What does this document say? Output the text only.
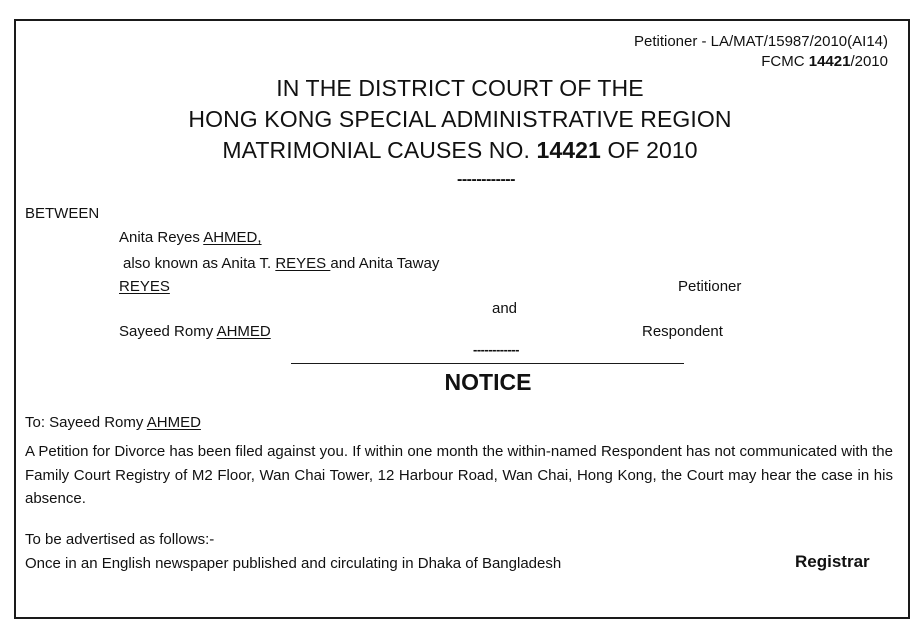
Petitioner - LA/MAT/15987/2010(AI14)
FCMC 14421/2010
IN THE DISTRICT COURT OF THE
HONG KONG SPECIAL ADMINISTRATIVE REGION
MATRIMONIAL CAUSES NO. 14421 OF 2010
------------
BETWEEN
Anita Reyes AHMED,
also known as Anita T. REYES and Anita Taway
REYES	Petitioner
and
Sayeed Romy AHMED	Respondent
------------
NOTICE
To: Sayeed Romy AHMED
A Petition for Divorce has been filed against you. If within one month the within-named Respondent has not communicated with the Family Court Registry of M2 Floor, Wan Chai Tower, 12 Harbour Road, Wan Chai, Hong Kong, the Court may hear the case in his absence.
To be advertised as follows:-
Once in an English newspaper published and circulating in Dhaka of Bangladesh	Registrar
